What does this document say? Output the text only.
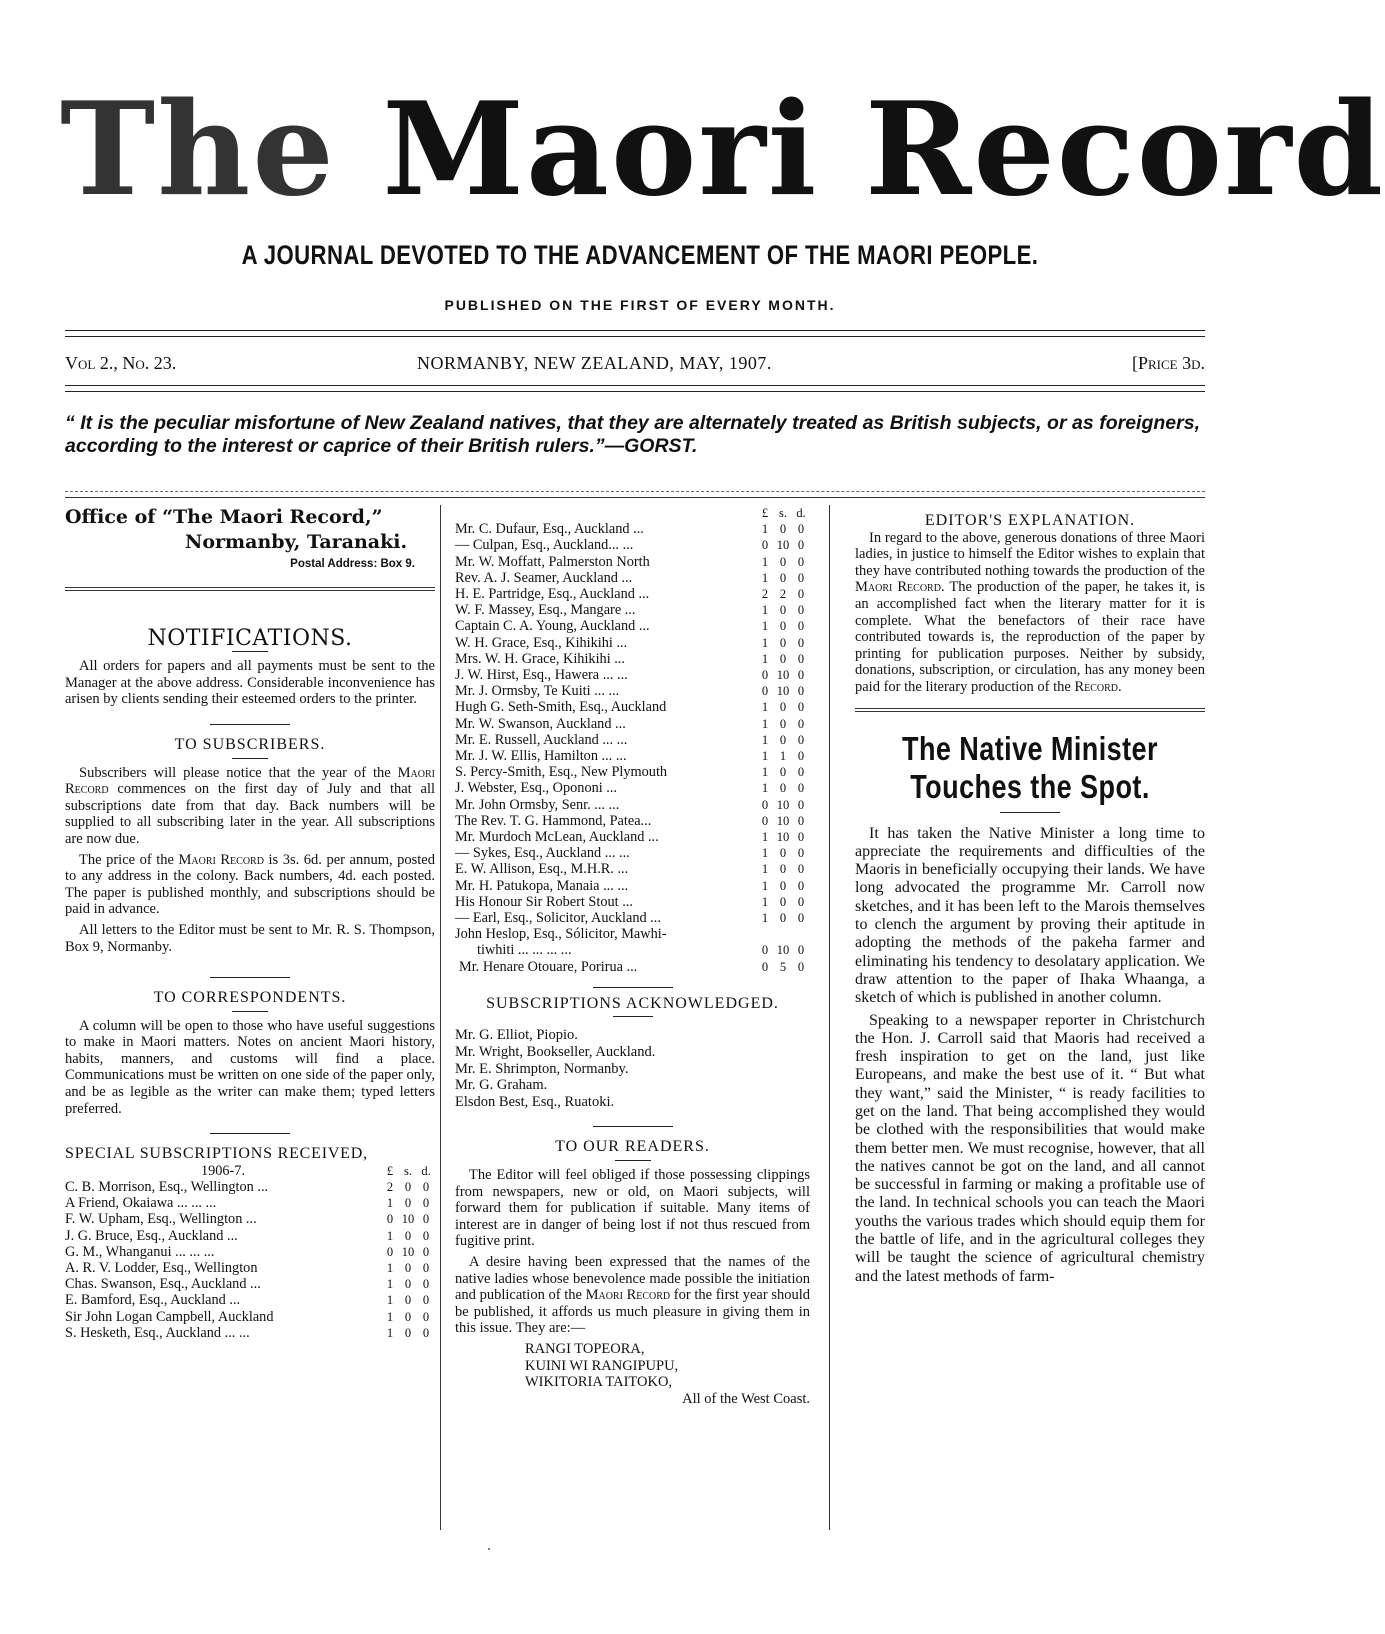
The Maori Record
A JOURNAL DEVOTED TO THE ADVANCEMENT OF THE MAORI PEOPLE.
PUBLISHED ON THE FIRST OF EVERY MONTH.
Vol 2., No. 23.	NORMANBY, NEW ZEALAND, MAY, 1907.	[Price 3d.
“ It is the peculiar misfortune of New Zealand natives, that they are alternately treated as British subjects, or as foreigners, according to the interest or caprice of their British rulers.”—GORST.
Office of “The Maori Record,”
Normanby, Taranaki.
Postal Address: Box 9.
NOTIFICATIONS.

All orders for papers and all payments must be sent to the Manager at the above address. Considerable inconvenience has arisen by clients sending their esteemed orders to the printer.

TO SUBSCRIBERS.

Subscribers will please notice that the year of the Maori Record commences on the first day of July and that all subscriptions date from that day. Back numbers will be supplied to all subscribing later in the year. All subscriptions are now due.

The price of the Maori Record is 3s. 6d. per annum, posted to any address in the colony. Back numbers, 4d. each posted. The paper is published monthly, and subscriptions should be paid in advance.

All letters to the Editor must be sent to Mr. R. S. Thompson, Box 9, Normanby.

TO CORRESPONDENTS.

A column will be open to those who have useful suggestions to make in Maori matters. Notes on ancient Maori history, habits, manners, and customs will find a place. Communications must be written on one side of the paper only, and be as legible as the writer can make them; typed letters preferred.

SPECIAL SUBSCRIPTIONS RECEIVED,

1906-7.	£	s.	d.
C. B. Morrison, Esq., Wellington ...	2	0	0
A Friend, Okaiawa ... ... ...	1	0	0
F. W. Upham, Esq., Wellington ...	0	10	0
J. G. Bruce, Esq., Auckland ...	1	0	0
G. M., Whanganui ... ... ...	0	10	0
A. R. V. Lodder, Esq., Wellington	1	0	0
Chas. Swanson, Esq., Auckland ...	1	0	0
E. Bamford, Esq., Auckland ...	1	0	0
Sir John Logan Campbell, Auckland	1	0	0
S. Hesketh, Esq., Auckland ... ...	1	0	0
	£	s.	d.
Mr. C. Dufaur, Esq., Auckland ...	1	0	0
— Culpan, Esq., Auckland... ...	0	10	0
Mr. W. Moffatt, Palmerston North	1	0	0
Rev. A. J. Seamer, Auckland ...	1	0	0
H. E. Partridge, Esq., Auckland ...	2	2	0
W. F. Massey, Esq., Mangare ...	1	0	0
Captain C. A. Young, Auckland ...	1	0	0
W. H. Grace, Esq., Kihikihi ...	1	0	0
Mrs. W. H. Grace, Kihikihi ...	1	0	0
J. W. Hirst, Esq., Hawera ... ...	0	10	0
Mr. J. Ormsby, Te Kuiti ... ...	0	10	0
Hugh G. Seth-Smith, Esq., Auckland	1	0	0
Mr. W. Swanson, Auckland ...	1	0	0
Mr. E. Russell, Auckland ... ...	1	0	0
Mr. J. W. Ellis, Hamilton ... ...	1	1	0
S. Percy-Smith, Esq., New Plymouth	1	0	0
J. Webster, Esq., Opononi ...	1	0	0
Mr. John Ormsby, Senr. ... ...	0	10	0
The Rev. T. G. Hammond, Patea...	0	10	0
Mr. Murdoch McLean, Auckland ...	1	10	0
— Sykes, Esq., Auckland ... ...	1	0	0
E. W. Allison, Esq., M.H.R. ...	1	0	0
Mr. H. Patukopa, Manaia ... ...	1	0	0
His Honour Sir Robert Stout ...	1	0	0
— Earl, Esq., Solicitor, Auckland ...	1	0	0
John Heslop, Esq., Sólicitor, Mawhi-			
tiwhiti ... ... ... ...	0	10	0
Mr. Henare Otouare, Porirua ...	0	5	0

SUBSCRIPTIONS ACKNOWLEDGED.

Mr. G. Elliot, Piopio.
Mr. Wright, Bookseller, Auckland.
Mr. E. Shrimpton, Normanby.
Mr. G. Graham.
Elsdon Best, Esq., Ruatoki.

TO OUR READERS.

The Editor will feel obliged if those possessing clippings from newspapers, new or old, on Maori subjects, will forward them for publication if suitable. Many items of interest are in danger of being lost if not thus rescued from fugitive print.

A desire having been expressed that the names of the native ladies whose benevolence made possible the initiation and publication of the Maori Record for the first year should be published, it affords us much pleasure in giving them in this issue. They are:—

RANGI TOPEORA,
KUINI WI RANGIPUPU,
WIKITORIA TAITOKO,
All of the West Coast.

EDITOR'S EXPLANATION.

In regard to the above, generous donations of three Maori ladies, in justice to himself the Editor wishes to explain that they have contributed nothing towards the production of the Maori Record. The production of the paper, he takes it, is an accomplished fact when the literary matter for it is complete. What the benefactors of their race have contributed towards is, the reproduction of the paper by printing for publication purposes. Neither by subsidy, donations, subscription, or circulation, has any money been paid for the literary production of the Record.

The Native Minister
Touches the Spot.

It has taken the Native Minister a long time to appreciate the requirements and difficulties of the Maoris in beneficially occupying their lands. We have long advocated the programme Mr. Carroll now sketches, and it has been left to the Marois themselves to clench the argument by proving their aptitude in adopting the methods of the pakeha farmer and eliminating his tendency to desolatary application. We draw attention to the paper of Ihaka Whaanga, a sketch of which is published in another column.

Speaking to a newspaper reporter in Christchurch the Hon. J. Carroll said that Maoris had received a fresh inspiration to get on the land, just like Europeans, and make the best use of it. “ But what they want,” said the Minister, “ is ready facilities to get on the land. That being accomplished they would be clothed with the responsibilities that would make them better men. We must recognise, however, that all the natives cannot be got on the land, and all cannot be successful in farming or making a profitable use of the land. In technical schools you can teach the Maori youths the various trades which should equip them for the battle of life, and in the agricultural colleges they will be taught the science of agricultural chemistry and the latest methods of farm-
